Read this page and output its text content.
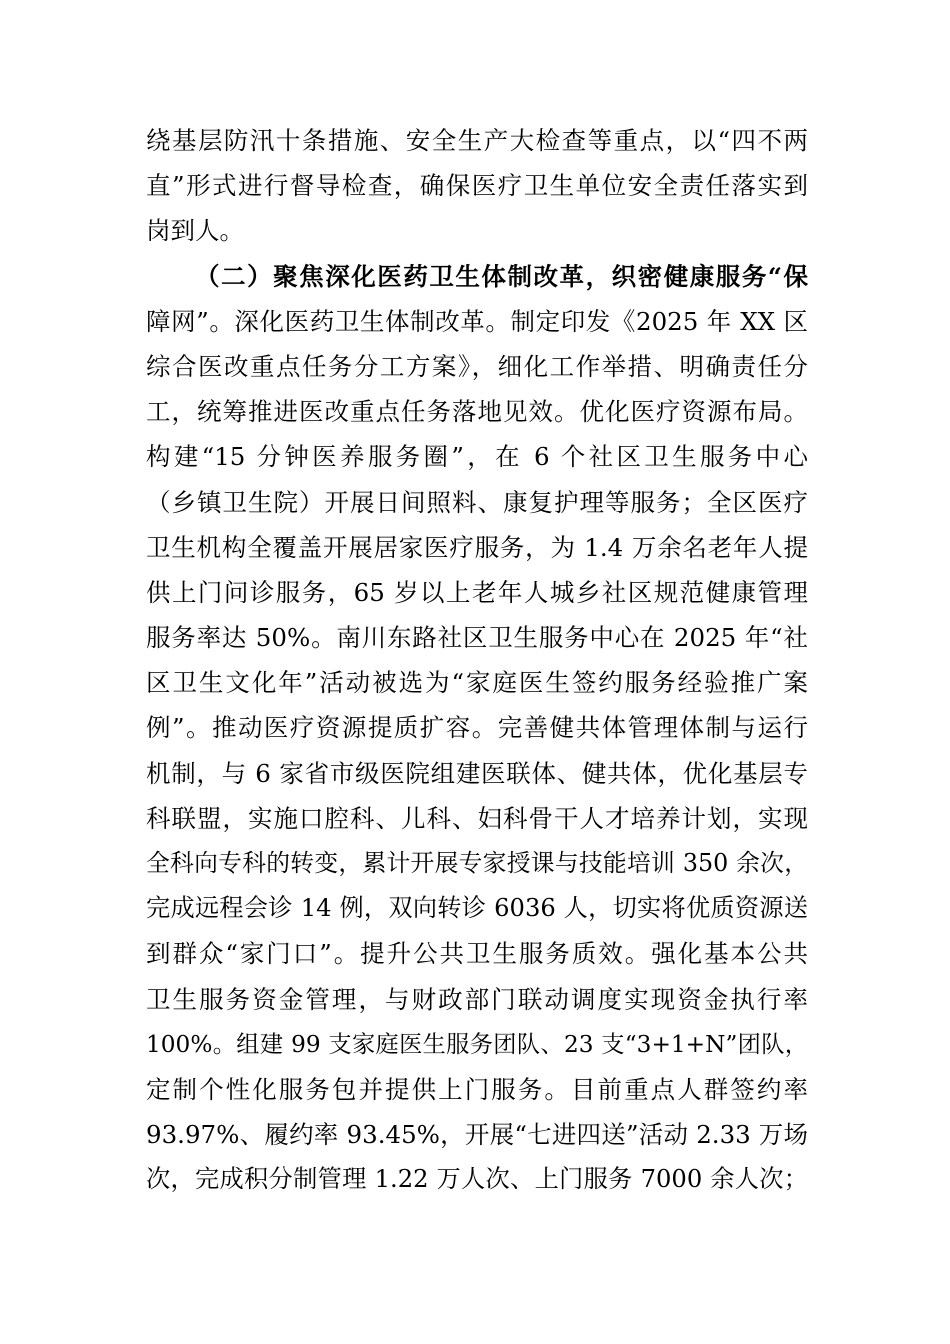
绕基层防汛十条措施、安全生产大检查等重点，以“四不两
直”形式进行督导检查，确保医疗卫生单位安全责任落实到
岗到人。
（二）聚焦深化医药卫生体制改革，织密健康服务“保
障网”。深化医药卫生体制改革。制定印发《2025 年 XX 区
综合医改重点任务分工方案》，细化工作举措、明确责任分
工，统筹推进医改重点任务落地见效。优化医疗资源布局。
构建“15 分钟医养服务圈”，在 6 个社区卫生服务中心
（乡镇卫生院）开展日间照料、康复护理等服务；全区医疗
卫生机构全覆盖开展居家医疗服务，为 1.4 万余名老年人提
供上门问诊服务，65 岁以上老年人城乡社区规范健康管理
服务率达 50%。南川东路社区卫生服务中心在 2025 年“社
区卫生文化年”活动被选为“家庭医生签约服务经验推广案
例”。推动医疗资源提质扩容。完善健共体管理体制与运行
机制，与 6 家省市级医院组建医联体、健共体，优化基层专
科联盟，实施口腔科、儿科、妇科骨干人才培养计划，实现
全科向专科的转变，累计开展专家授课与技能培训 350 余次，
完成远程会诊 14 例，双向转诊 6036 人，切实将优质资源送
到群众“家门口”。提升公共卫生服务质效。强化基本公共
卫生服务资金管理，与财政部门联动调度实现资金执行率
100%。组建 99 支家庭医生服务团队、23 支“3+1+N”团队，
定制个性化服务包并提供上门服务。目前重点人群签约率
93.97%、履约率 93.45%，开展“七进四送”活动 2.33 万场
次，完成积分制管理 1.22 万人次、上门服务 7000 余人次；
